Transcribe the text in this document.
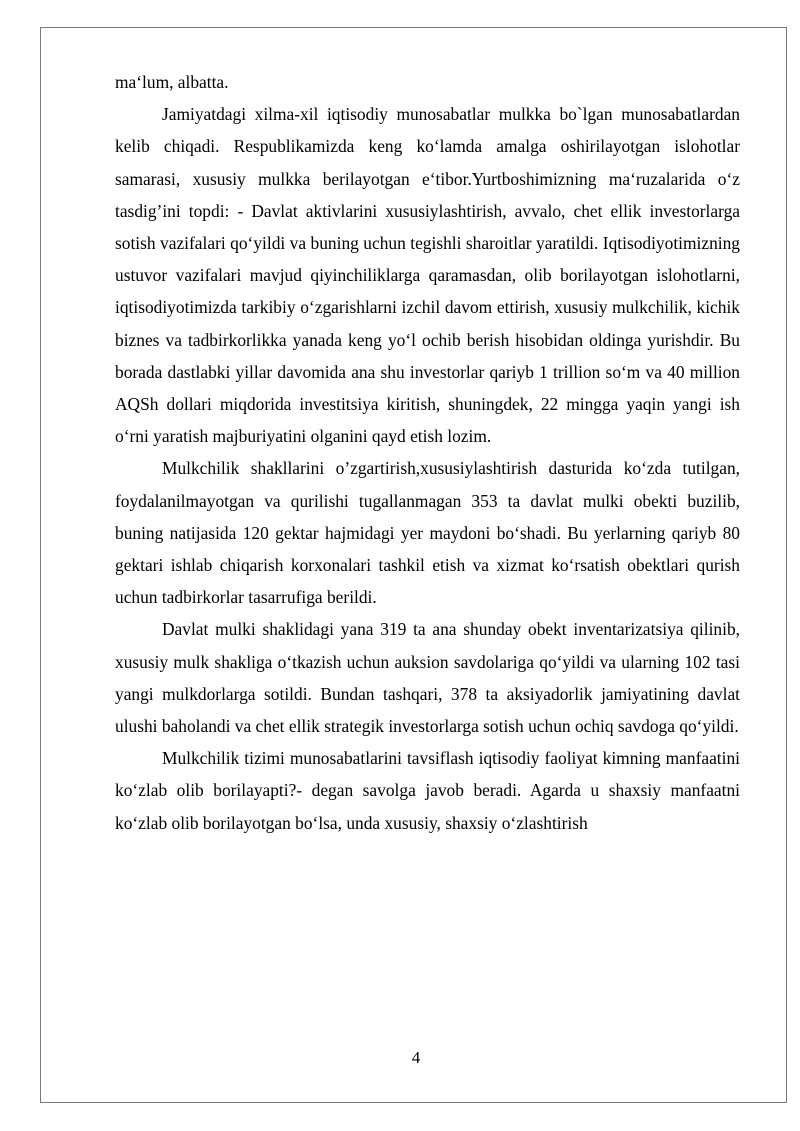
ma‘lum, albatta.

Jamiyatdagi xilma-xil iqtisodiy munosabatlar mulkka bo`lgan munosabatlardan kelib chiqadi. Respublikamizda keng ko‘lamda amalga oshirilayotgan islohotlar samarasi, xususiy mulkka berilayotgan e‘tibor.Yurtboshimizning ma‘ruzalarida o‘z tasdig’ini topdi: - Davlat aktivlarini xususiylashtirish, avvalo, chet ellik investorlarga sotish vazifalari qo‘yildi va buning uchun tegishli sharoitlar yaratildi. Iqtisodiyotimizning ustuvor vazifalari mavjud qiyinchiliklarga qaramasdan, olib borilayotgan islohotlarni, iqtisodiyotimizda tarkibiy o‘zgarishlarni izchil davom ettirish, xususiy mulkchilik, kichik biznes va tadbirkorlikka yanada keng yo‘l ochib berish hisobidan oldinga yurishdir. Bu borada dastlabki yillar davomida ana shu investorlar qariyb 1 trillion so‘m va 40 million AQSh dollari miqdorida investitsiya kiritish, shuningdek, 22 mingga yaqin yangi ish o‘rni yaratish majburiyatini olganini qayd etish lozim.

Mulkchilik shakllarini o’zgartirish,xususiylashtirish dasturida ko‘zda tutilgan, foydalanilmayotgan va qurilishi tugallanmagan 353 ta davlat mulki obekti buzilib, buning natijasida 120 gektar hajmidagi yer maydoni bo‘shadi. Bu yerlarning qariyb 80 gektari ishlab chiqarish korxonalari tashkil etish va xizmat ko‘rsatish obektlari qurish uchun tadbirkorlar tasarrufiga berildi.

Davlat mulki shaklidagi yana 319 ta ana shunday obekt inventarizatsiya qilinib, xususiy mulk shakliga o‘tkazish uchun auksion savdolariga qo‘yildi va ularning 102 tasi yangi mulkdorlarga sotildi. Bundan tashqari, 378 ta aksiyadorlik jamiyatining davlat ulushi baholandi va chet ellik strategik investorlarga sotish uchun ochiq savdoga qo‘yildi.

Mulkchilik tizimi munosabatlarini tavsiflash iqtisodiy faoliyat kimning manfaatini ko‘zlab olib borilayapti?- degan savolga javob beradi. Agarda u shaxsiy manfaatni ko‘zlab olib borilayotgan bo‘lsa, unda xususiy, shaxsiy o‘zlashtirish

4
